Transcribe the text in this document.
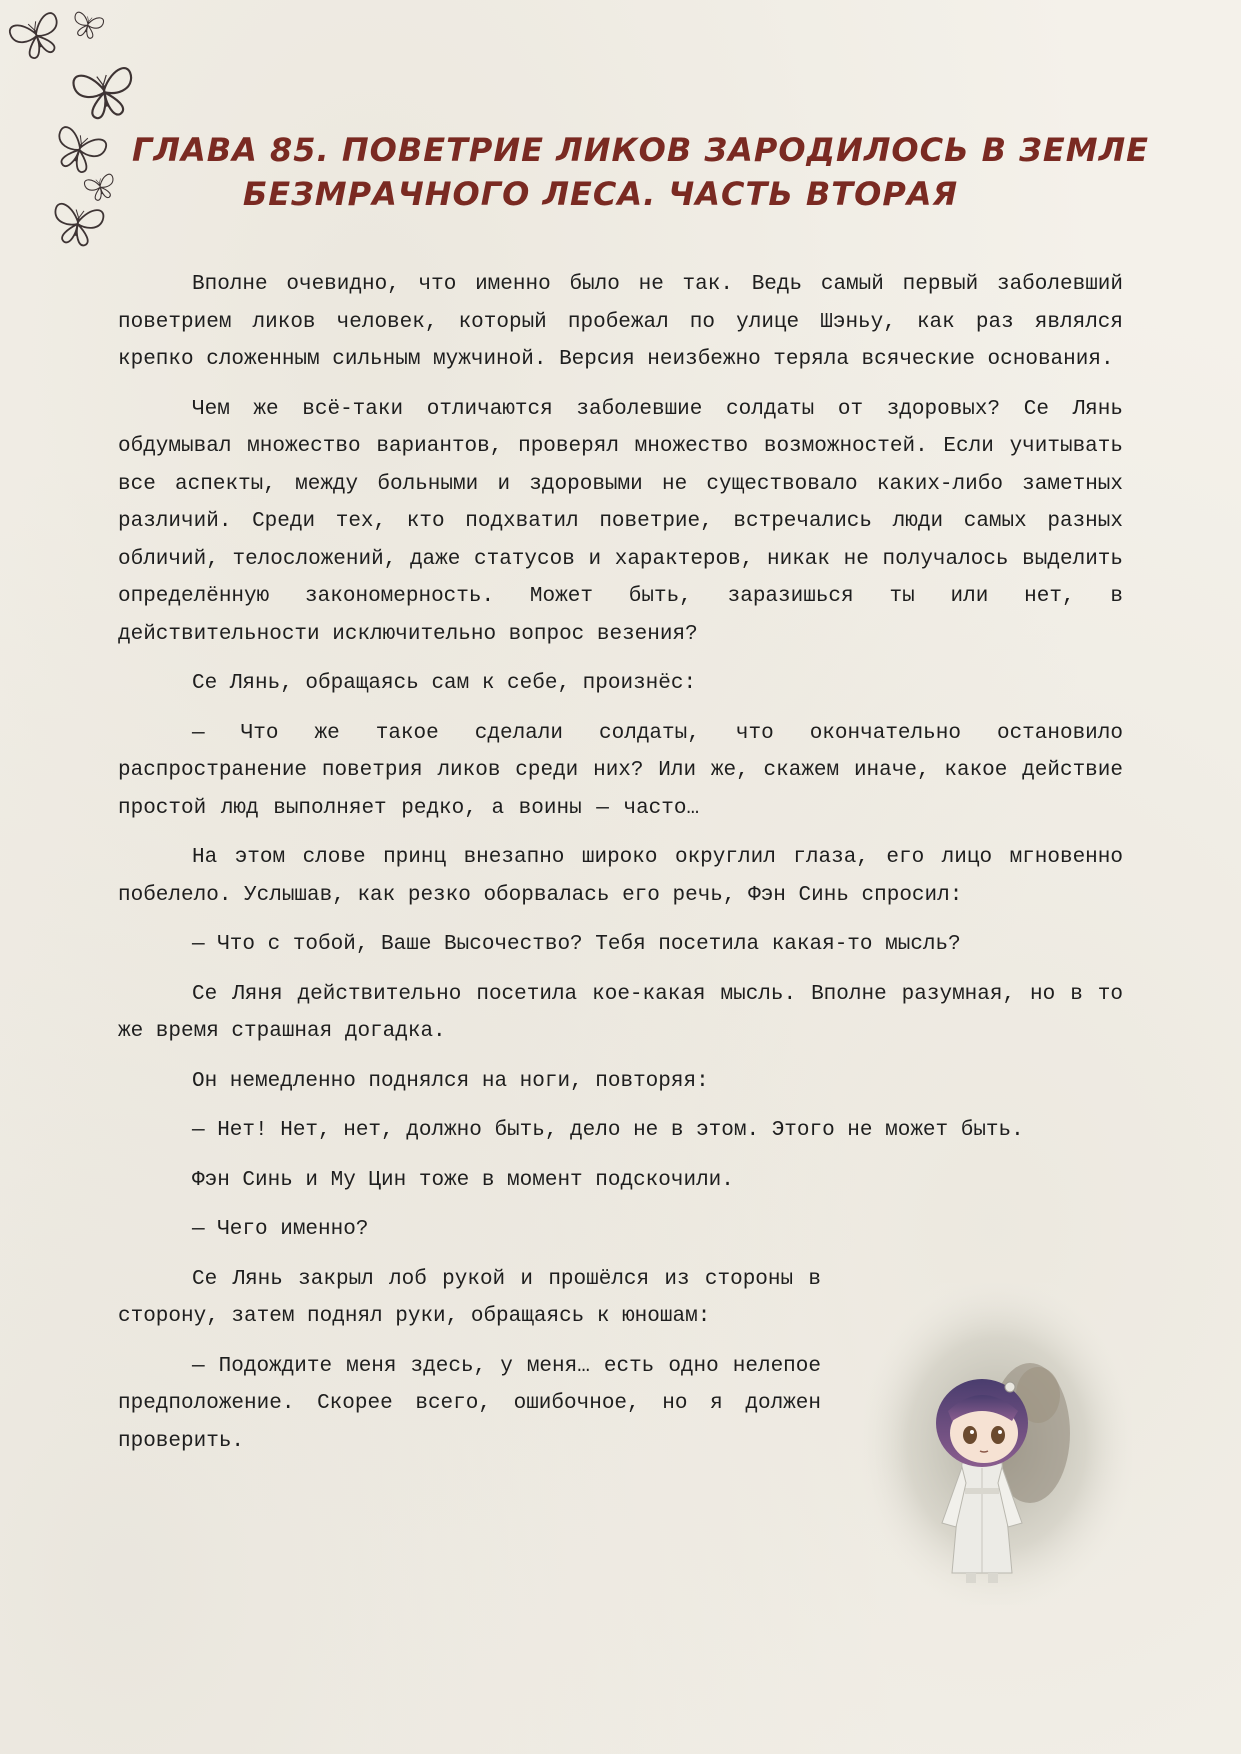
ГЛАВА 85. ПОВЕТРИЕ ЛИКОВ ЗАРОДИЛОСЬ В ЗЕМЛЕ
БЕЗМРАЧНОГО ЛЕСА. ЧАСТЬ ВТОРАЯ

Вполне очевидно, что именно было не так. Ведь самый первый заболевший поветрием ликов человек, который пробежал по улице Шэньу, как раз являлся крепко сложенным сильным мужчиной. Версия неизбежно теряла всяческие основания.

Чем же всё-таки отличаются заболевшие солдаты от здоровых? Се Лянь обдумывал множество вариантов, проверял множество возможностей. Если учитывать все аспекты, между больными и здоровыми не существовало каких-либо заметных различий. Среди тех, кто подхватил поветрие, встречались люди самых разных обличий, телосложений, даже статусов и характеров, никак не получалось выделить определённую закономерность. Может быть, заразишься ты или нет, в действительности исключительно вопрос везения?

Се Лянь, обращаясь сам к себе, произнёс:

— Что же такое сделали солдаты, что окончательно остановило распространение поветрия ликов среди них? Или же, скажем иначе, какое действие простой люд выполняет редко, а воины — часто…

На этом слове принц внезапно широко округлил глаза, его лицо мгновенно побелело. Услышав, как резко оборвалась его речь, Фэн Синь спросил:

— Что с тобой, Ваше Высочество? Тебя посетила какая-то мысль?

Се Ляня действительно посетила кое-какая мысль. Вполне разумная, но в то же время страшная догадка.

Он немедленно поднялся на ноги, повторяя:

— Нет! Нет, нет, должно быть, дело не в этом. Этого не может быть.

Фэн Синь и Му Цин тоже в момент подскочили.

— Чего именно?

Се Лянь закрыл лоб рукой и прошёлся из стороны в сторону, затем поднял руки, обращаясь к юношам:

— Подождите меня здесь, у меня… есть одно нелепое предположение. Скорее всего, ошибочное, но я должен проверить.
